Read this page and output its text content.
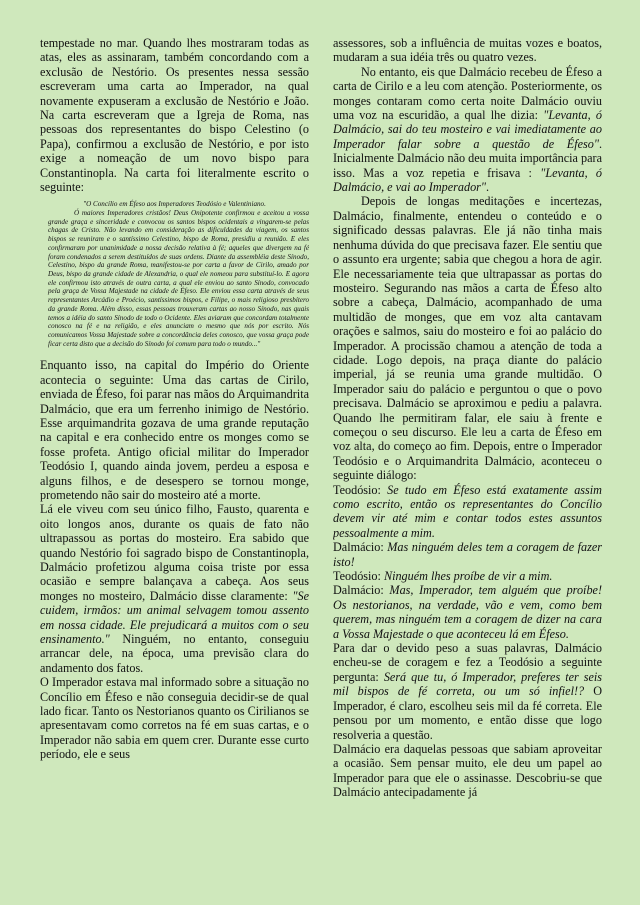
tempestade no mar. Quando lhes mostraram todas as atas, eles as assinaram, também concordando com a exclusão de Nestório. Os presentes nessa sessão escreveram uma carta ao Imperador, na qual novamente expuseram a exclusão de Nestório e João. Na carta escreveram que a Igreja de Roma, nas pessoas dos representantes do bispo Celestino (o Papa), confirmou a exclusão de Nestório, e por isto exige a nomeação de um novo bispo para Constantinopla. Na carta foi literalmente escrito o seguinte:

"O Concílio em Éfeso aos Imperadores Teodósio e Valentiniano.

Ó maiores Imperadores cristãos! Deus Onipotente confirmou e aceitou a vossa grande graça e sinceridade e convocou os santos bispos ocidentais a vingarem-se pelas chagas de Cristo. Não levando em consideração as dificuldades da viagem, os santos bispos se reuniram e o santíssimo Celestino, bispo de Roma, presidiu a reunião. E eles confirmaram por unanimidade a nossa decisão relativa à fé; aqueles que divergem na fé foram condenados a serem destituídos de suas ordens. Diante da assembléia deste Sínodo, Celestino, bispo da grande Roma, manifestou-se por carta a favor de Cirilo, amado por Deus, bispo da grande cidade de Alexandria, o qual ele nomeou para substituí-lo. E agora ele confirmou isto através de outra carta, a qual ele enviou ao santo Sínodo, convocado pela graça de Vossa Majestade na cidade de Éfeso. Ele enviou essa carta através de seus representantes Arcádio e Proécio, santíssimos bispos, e Filipe, o mais religioso presbítero da grande Roma. Além disso, essas pessoas trouxeram cartas ao nosso Sínodo, nas quais temos a idéia do santo Sínodo de todo o Ocidente. Eles aviaram que concordam totalmente conosco na fé e na religião, e eles anunciam o mesmo que nós por escrito. Nós comunicamos Vossa Majestade sobre a concordância deles conosco, que vossa graça pode ficar certa disto que a decisão do Sínodo foi comum para todo o mundo..."

Enquanto isso, na capital do Império do Oriente acontecia o seguinte: Uma das cartas de Cirilo, enviada de Éfeso, foi parar nas mãos do Arquimandrita Dalmácio, que era um ferrenho inimigo de Nestório. Esse arquimandrita gozava de uma grande reputação na capital e era conhecido entre os monges como se fosse profeta. Antigo oficial militar do Imperador Teodósio I, quando ainda jovem, perdeu a esposa e alguns filhos, e de desespero se tornou monge, prometendo não sair do mosteiro até a morte.

Lá ele viveu com seu único filho, Fausto, quarenta e oito longos anos, durante os quais de fato não ultrapassou as portas do mosteiro. Era sabido que quando Nestório foi sagrado bispo de Constantinopla, Dalmácio profetizou alguma coisa triste por essa ocasião e sempre balançava a cabeça. Aos seus monges no mosteiro, Dalmácio disse claramente: "Se cuidem, irmãos: um animal selvagem tomou assento em nossa cidade. Ele prejudicará a muitos com o seu ensinamento." Ninguém, no entanto, conseguiu arrancar dele, na época, uma previsão clara do andamento dos fatos.

O Imperador estava mal informado sobre a situação no Concílio em Éfeso e não conseguia decidir-se de qual lado ficar. Tanto os Nestorianos quanto os Cirilianos se apresentavam como corretos na fé em suas cartas, e o Imperador não sabia em quem crer. Durante esse curto período, ele e seus

assessores, sob a influência de muitas vozes e boatos, mudaram a sua idéia três ou quatro vezes.

No entanto, eis que Dalmácio recebeu de Éfeso a carta de Cirilo e a leu com atenção. Posteriormente, os monges contaram como certa noite Dalmácio ouviu uma voz na escuridão, a qual lhe dizia: "Levanta, ó Dalmácio, sai do teu mosteiro e vai imediatamente ao Imperador falar sobre a questão de Éfeso". Inicialmente Dalmácio não deu muita importância para isso. Mas a voz repetia e frisava : "Levanta, ó Dalmácio, e vai ao Imperador".

Depois de longas meditações e incertezas, Dalmácio, finalmente, entendeu o conteúdo e o significado dessas palavras. Ele já não tinha mais nenhuma dúvida do que precisava fazer. Ele sentiu que o assunto era urgente; sabia que chegou a hora de agir. Ele necessariamente teia que ultrapassar as portas do mosteiro. Segurando nas mãos a carta de Éfeso alto sobre a cabeça, Dalmácio, acompanhado de uma multidão de monges, que em voz alta cantavam orações e salmos, saiu do mosteiro e foi ao palácio do Imperador. A procissão chamou a atenção de toda a cidade. Logo depois, na praça diante do palácio imperial, já se reunia uma grande multidão. O Imperador saiu do palácio e perguntou o que o povo precisava. Dalmácio se aproximou e pediu a palavra. Quando lhe permitiram falar, ele saiu à frente e começou o seu discurso. Ele leu a carta de Éfeso em voz alta, do começo ao fim. Depois, entre o Imperador Teodósio e o Arquimandrita Dalmácio, aconteceu o seguinte diálogo:

Teodósio: Se tudo em Éfeso está exatamente assim como escrito, então os representantes do Concílio devem vir até mim e contar todos estes assuntos pessoalmente a mim.

Dalmácio: Mas ninguém deles tem a coragem de fazer isto!

Teodósio: Ninguém lhes proíbe de vir a mim.

Dalmácio: Mas, Imperador, tem alguém que proíbe! Os nestorianos, na verdade, vão e vem, como bem querem, mas ninguém tem a coragem de dizer na cara a Vossa Majestade o que aconteceu lá em Éfeso.

Para dar o devido peso a suas palavras, Dalmácio encheu-se de coragem e fez a Teodósio a seguinte pergunta: Será que tu, ó Imperador, preferes ter seis mil bispos de fé correta, ou um só infiel!? O Imperador, é claro, escolheu seis mil da fé correta. Ele pensou por um momento, e então disse que logo resolveria a questão.

Dalmácio era daquelas pessoas que sabiam aproveitar a ocasião. Sem pensar muito, ele deu um papel ao Imperador para que ele o assinasse. Descobriu-se que Dalmácio antecipadamente já
